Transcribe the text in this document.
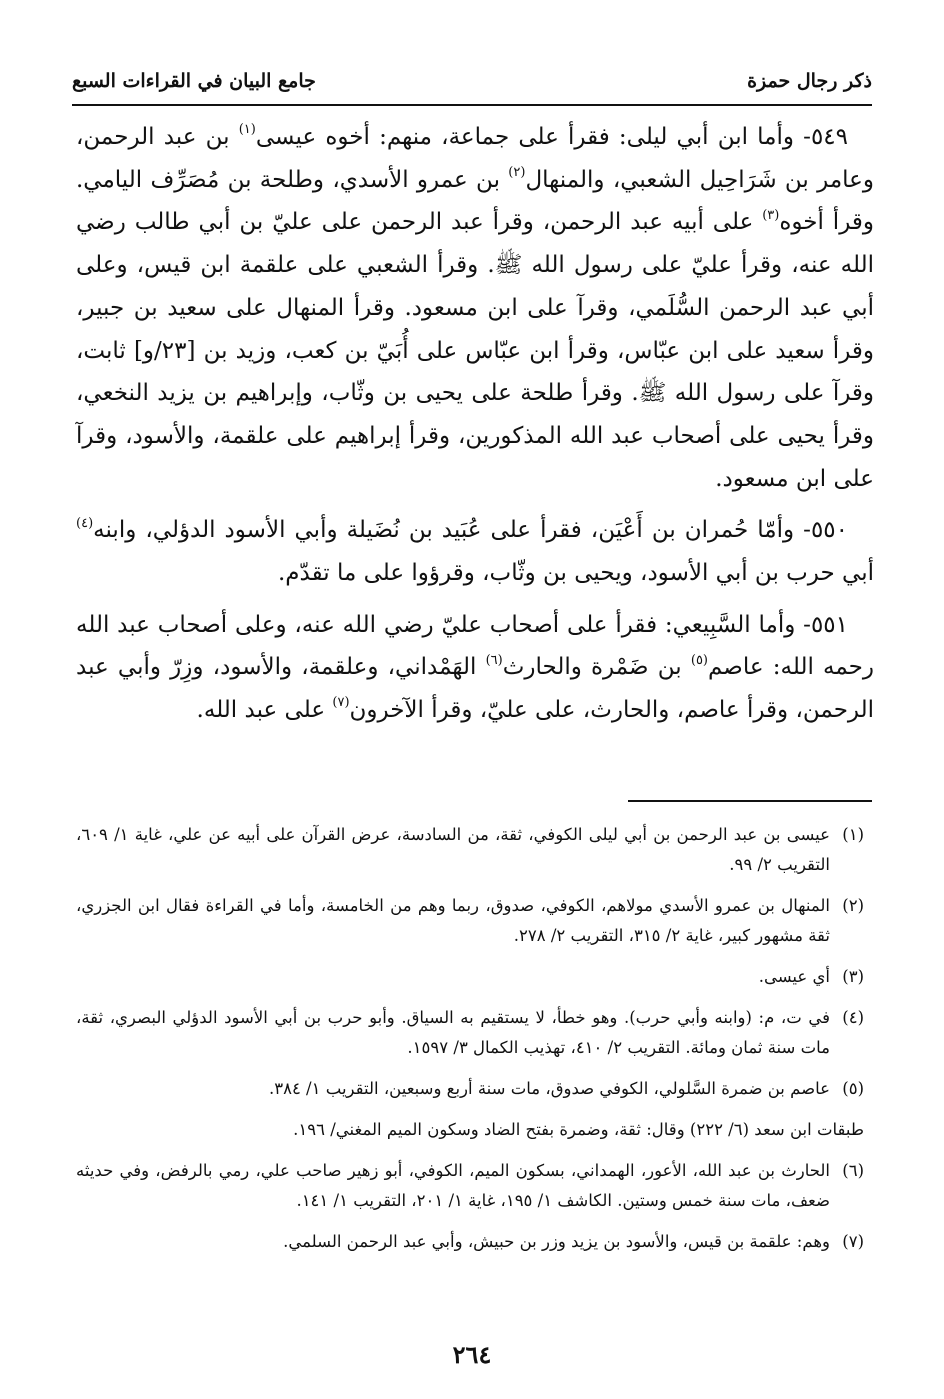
ذكر رجال حمزة
جامع البيان في القراءات السبع

٥٤٩- وأما ابن أبي ليلى: فقرأ على جماعة، منهم: أخوه عيسى$^{(١)}$ بن عبد الرحمن، وعامر بن شَرَاحِيل الشعبي، والمنهال$^{(٢)}$ بن عمرو الأسدي، وطلحة بن مُصَرِّف اليامي. وقرأ أخوه$^{(٣)}$ على أبيه عبد الرحمن، وقرأ عبد الرحمن على عليّ بن أبي طالب رضي الله عنه، وقرأ عليّ على رسول الله ﷺ. وقرأ الشعبي على علقمة ابن قيس، وعلى أبي عبد الرحمن السُّلَمي، وقرآ على ابن مسعود. وقرأ المنهال على سعيد بن جبير، وقرأ سعيد على ابن عبّاس، وقرأ ابن عبّاس على أُبَيّ بن كعب، وزيد بن [٢٣/و] ثابت، وقرآ على رسول الله ﷺ. وقرأ طلحة على يحيى بن وثّاب، وإبراهيم بن يزيد النخعي، وقرأ يحيى على أصحاب عبد الله المذكورين، وقرأ إبراهيم على علقمة، والأسود، وقرآ على ابن مسعود.

٥٥٠- وأمّا حُمران بن أَعْيَن، فقرأ على عُبَيد بن نُضَيلة وأبي الأسود الدؤلي، وابنه$^{(٤)}$ أبي حرب بن أبي الأسود، ويحيى بن وثّاب، وقرؤوا على ما تقدّم.

٥٥١- وأما السَّبِيعي: فقرأ على أصحاب عليّ رضي الله عنه، وعلى أصحاب عبد الله رحمه الله: عاصم$^{(٥)}$ بن ضَمْرة والحارث$^{(٦)}$ الهَمْداني، وعلقمة، والأسود، وزِرّ وأبي عبد الرحمن، وقرأ عاصم، والحارث، على عليّ، وقرأ الآخرون$^{(٧)}$ على عبد الله.

(١)عيسى بن عبد الرحمن بن أبي ليلى الكوفي، ثقة، من السادسة، عرض القرآن على أبيه عن علي، غاية ١/ ٦٠٩، التقريب ٢/ ٩٩.
(٢)المنهال بن عمرو الأسدي مولاهم، الكوفي، صدوق، ربما وهم من الخامسة، وأما في القراءة فقال ابن الجزري، ثقة مشهور كبير، غاية ٢/ ٣١٥، التقريب ٢/ ٢٧٨.
(٣)أي عيسى.
(٤)في ت، م: (وابنه وأبي حرب). وهو خطأ، لا يستقيم به السياق. وأبو حرب بن أبي الأسود الدؤلي البصري، ثقة، مات سنة ثمان ومائة. التقريب ٢/ ٤١٠، تهذيب الكمال ٣/ ١٥٩٧.
(٥)عاصم بن ضمرة السَّلولي، الكوفي صدوق، مات سنة أربع وسبعين، التقريب ١/ ٣٨٤.
طبقات ابن سعد (٦/ ٢٢٢) وقال: ثقة، وضمرة بفتح الضاد وسكون الميم المغني/ ١٩٦.
(٦)الحارث بن عبد الله، الأعور، الهمداني، بسكون الميم، الكوفي، أبو زهير صاحب علي، رمي بالرفض، وفي حديثه ضعف، مات سنة خمس وستين. الكاشف ١/ ١٩٥، غاية ١/ ٢٠١، التقريب ١/ ١٤١.
(٧)وهم: علقمة بن قيس، والأسود بن يزيد وزر بن حبيش، وأبي عبد الرحمن السلمي.
٢٦٤
